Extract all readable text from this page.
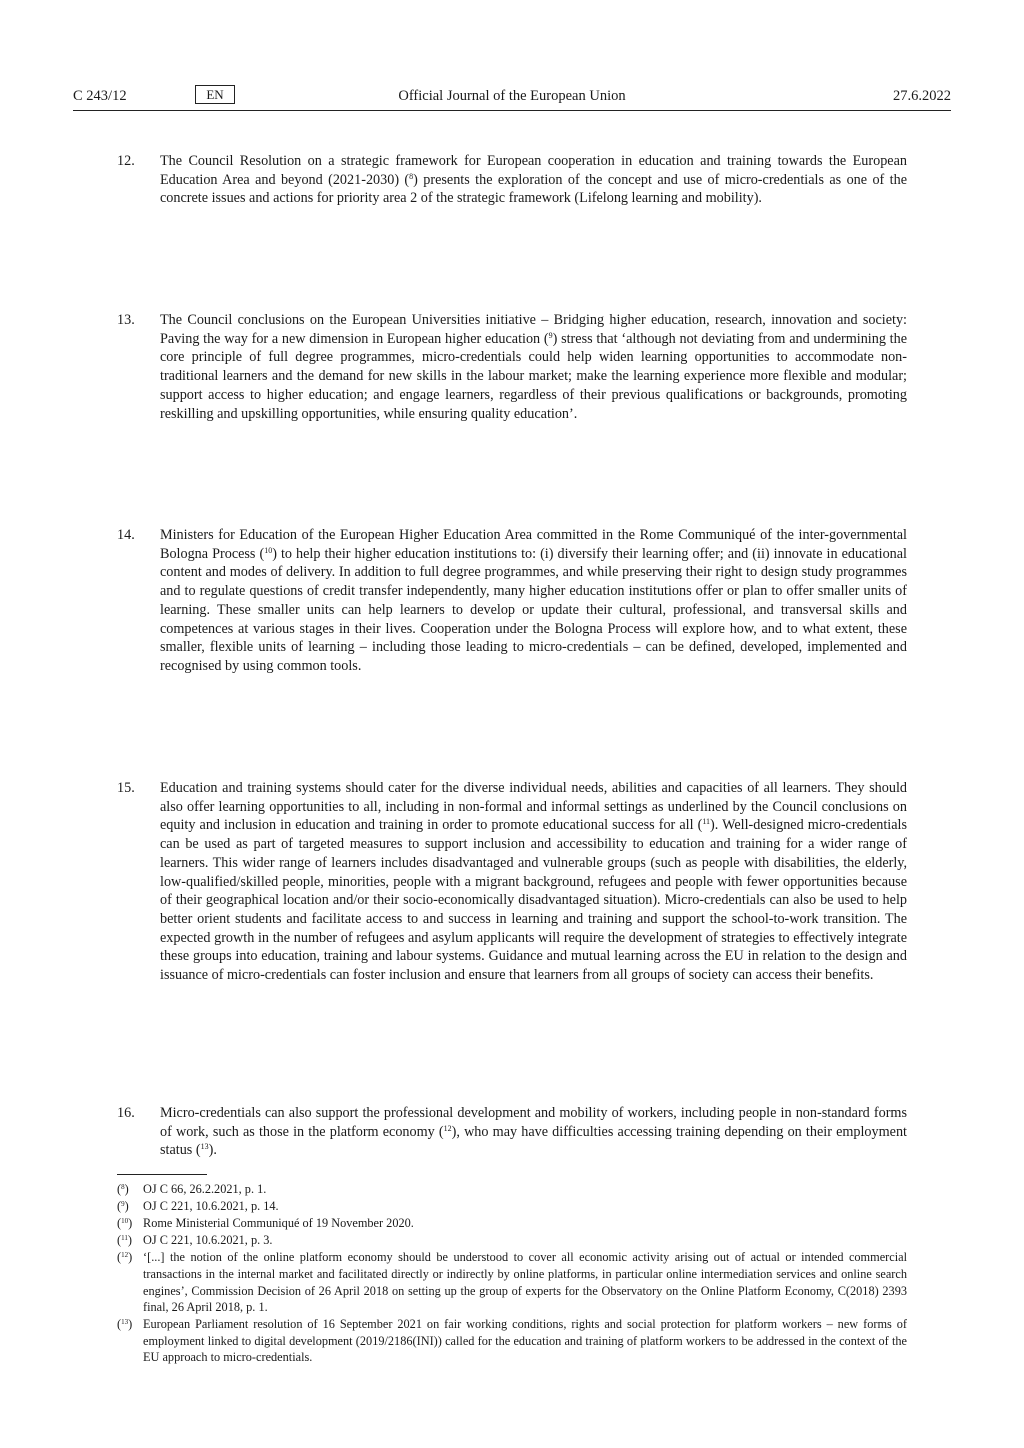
C 243/12	EN	Official Journal of the European Union	27.6.2022
12.	The Council Resolution on a strategic framework for European cooperation in education and training towards the European Education Area and beyond (2021-2030) ($^8$) presents the exploration of the concept and use of micro-credentials as one of the concrete issues and actions for priority area 2 of the strategic framework (Lifelong learning and mobility).
13.	The Council conclusions on the European Universities initiative – Bridging higher education, research, innovation and society: Paving the way for a new dimension in European higher education ($^9$) stress that ‘although not deviating from and undermining the core principle of full degree programmes, micro-credentials could help widen learning opportunities to accommodate non-traditional learners and the demand for new skills in the labour market; make the learning experience more flexible and modular; support access to higher education; and engage learners, regardless of their previous qualifications or backgrounds, promoting reskilling and upskilling opportunities, while ensuring quality education’.
14.	Ministers for Education of the European Higher Education Area committed in the Rome Communiqué of the inter-governmental Bologna Process ($^{10}$) to help their higher education institutions to: (i) diversify their learning offer; and (ii) innovate in educational content and modes of delivery. In addition to full degree programmes, and while preserving their right to design study programmes and to regulate questions of credit transfer independently, many higher education institutions offer or plan to offer smaller units of learning. These smaller units can help learners to develop or update their cultural, professional, and transversal skills and competences at various stages in their lives. Cooperation under the Bologna Process will explore how, and to what extent, these smaller, flexible units of learning – including those leading to micro-credentials – can be defined, developed, implemented and recognised by using common tools.
15.	Education and training systems should cater for the diverse individual needs, abilities and capacities of all learners. They should also offer learning opportunities to all, including in non-formal and informal settings as underlined by the Council conclusions on equity and inclusion in education and training in order to promote educational success for all ($^{11}$). Well-designed micro-credentials can be used as part of targeted measures to support inclusion and accessibility to education and training for a wider range of learners. This wider range of learners includes disadvantaged and vulnerable groups (such as people with disabilities, the elderly, low-qualified/skilled people, minorities, people with a migrant background, refugees and people with fewer opportunities because of their geographical location and/or their socio-economically disadvantaged situation). Micro-credentials can also be used to help better orient students and facilitate access to and success in learning and training and support the school-to-work transition. The expected growth in the number of refugees and asylum applicants will require the development of strategies to effectively integrate these groups into education, training and labour systems. Guidance and mutual learning across the EU in relation to the design and issuance of micro-credentials can foster inclusion and ensure that learners from all groups of society can access their benefits.
16.	Micro-credentials can also support the professional development and mobility of workers, including people in non-standard forms of work, such as those in the platform economy ($^{12}$), who may have difficulties accessing training depending on their employment status ($^{13}$).
($^8$)	OJ C 66, 26.2.2021, p. 1.
($^9$)	OJ C 221, 10.6.2021, p. 14.
($^{10}$) Rome Ministerial Communiqué of 19 November 2020.
($^{11}$) OJ C 221, 10.6.2021, p. 3.
($^{12}$) ‘[...] the notion of the online platform economy should be understood to cover all economic activity arising out of actual or intended commercial transactions in the internal market and facilitated directly or indirectly by online platforms, in particular online intermediation services and online search engines’, Commission Decision of 26 April 2018 on setting up the group of experts for the Observatory on the Online Platform Economy, C(2018) 2393 final, 26 April 2018, p. 1.
($^{13}$) European Parliament resolution of 16 September 2021 on fair working conditions, rights and social protection for platform workers – new forms of employment linked to digital development (2019/2186(INI)) called for the education and training of platform workers to be addressed in the context of the EU approach to micro-credentials.
